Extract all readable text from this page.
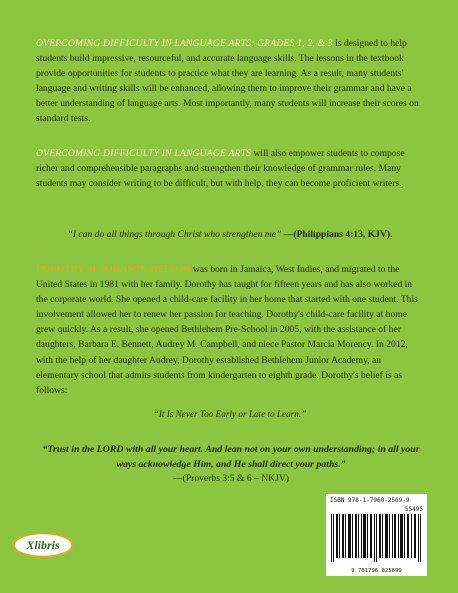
OVERCOMING DIFFICULTY IN LANGUAGE ARTS: GRADES 1, 2, & 3 is designed to help students build impressive, resourceful, and accurate language skills. The lessons in the textbook provide opportunities for students to practice what they are learning. As a result, many students' language and writing skills will be enhanced, allowing them to improve their grammar and have a better understanding of language arts. Most importantly, many students will increase their scores on standard tests.

OVERCOMING DIFFICULTY IN LANGUAGE ARTS will also empower students to compose richer and comprehensible paragraphs and strengthen their knowledge of grammar rules. Many students may consider writing to be difficult, but with help, they can become proficient writers.

“I can do all things through Christ who strengthen me” —(Philippians 4:13, KJV).

DOROTHY M. JOHNSON-NELSON was born in Jamaica, West Indies, and migrated to the United States in 1981 with her family. Dorothy has taught for fifteen years and has also worked in the corporate world. She opened a child-care facility in her home that started with one student. This involvement allowed her to renew her passion for teaching. Dorothy's child-care facility at home grew quickly. As a result, she opened Bethlehem Pre-School in 2005, with the assistance of her daughters, Barbara E. Bennett, Audrey M. Campbell, and niece Pastor Marcia Morency. In 2012, with the help of her daughter Audrey, Dorothy established Bethlehem Junior Academy, an elementary school that admits students from kindergarten to eighth grade. Dorothy's belief is as follows:

“It Is Never Too Early or Late to Learn.”
“Trust in the LORD with all your heart. And lean not on your own understanding; in all your ways acknowledge Him, and He shall direct your paths.”
—(Proverbs 3:5 & 6 – NKJV)
Xlibris
ISBN 978-1-7960-2569-9
55495
9 781796 025699
